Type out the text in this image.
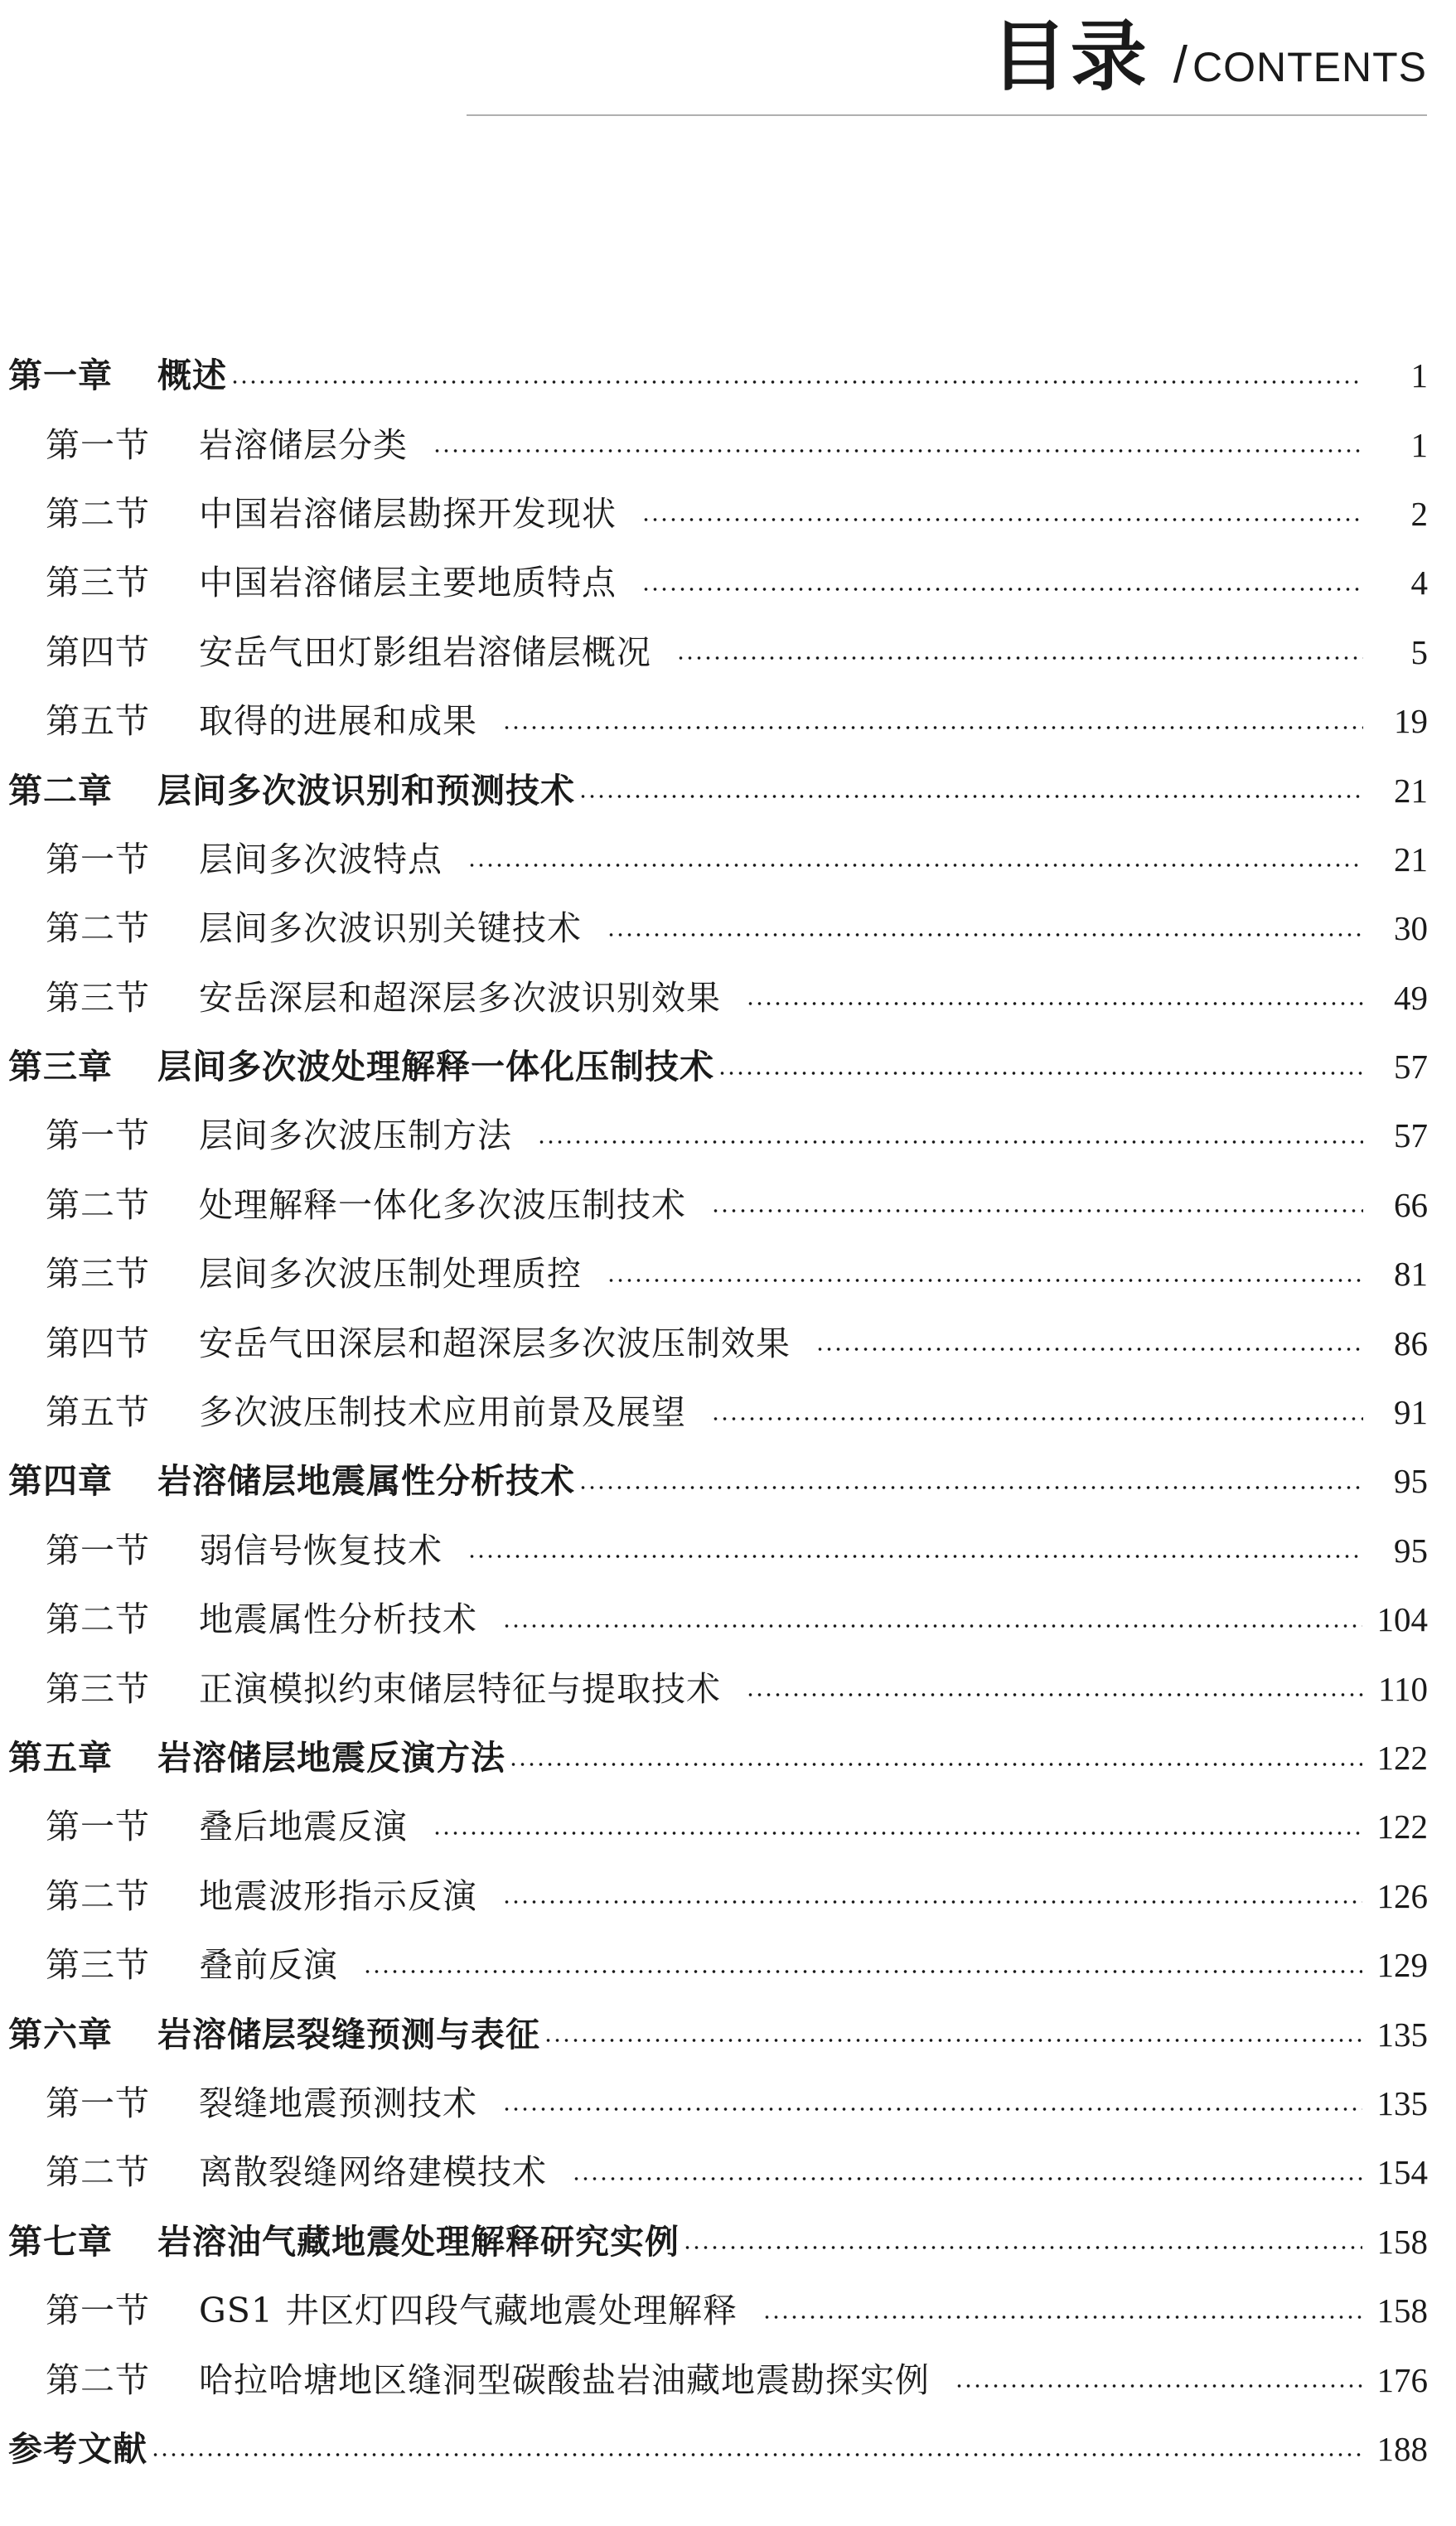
目录 / CONTENTS
第一章	概述	1
第一节	岩溶储层分类	1
第二节	中国岩溶储层勘探开发现状	2
第三节	中国岩溶储层主要地质特点	4
第四节	安岳气田灯影组岩溶储层概况	5
第五节	取得的进展和成果	19
第二章	层间多次波识别和预测技术	21
第一节	层间多次波特点	21
第二节	层间多次波识别关键技术	30
第三节	安岳深层和超深层多次波识别效果	49
第三章	层间多次波处理解释一体化压制技术	57
第一节	层间多次波压制方法	57
第二节	处理解释一体化多次波压制技术	66
第三节	层间多次波压制处理质控	81
第四节	安岳气田深层和超深层多次波压制效果	86
第五节	多次波压制技术应用前景及展望	91
第四章	岩溶储层地震属性分析技术	95
第一节	弱信号恢复技术	95
第二节	地震属性分析技术	104
第三节	正演模拟约束储层特征与提取技术	110
第五章	岩溶储层地震反演方法	122
第一节	叠后地震反演	122
第二节	地震波形指示反演	126
第三节	叠前反演	129
第六章	岩溶储层裂缝预测与表征	135
第一节	裂缝地震预测技术	135
第二节	离散裂缝网络建模技术	154
第七章	岩溶油气藏地震处理解释研究实例	158
第一节	GS1 井区灯四段气藏地震处理解释	158
第二节	哈拉哈塘地区缝洞型碳酸盐岩油藏地震勘探实例	176
参考文献	188
